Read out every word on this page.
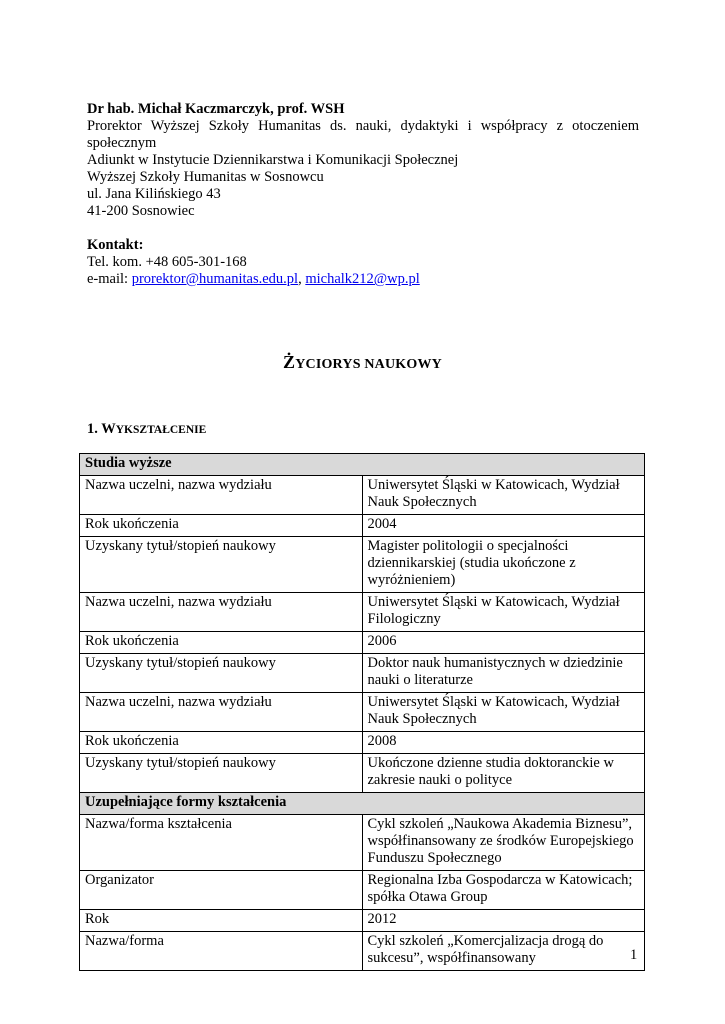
Dr hab. Michał Kaczmarczyk, prof. WSH
Prorektor Wyższej Szkoły Humanitas ds. nauki, dydaktyki i współpracy z otoczeniem
społecznym
Adiunkt w Instytucie Dziennikarstwa i Komunikacji Społecznej
Wyższej Szkoły Humanitas w Sosnowcu
ul. Jana Kilińskiego 43
41-200 Sosnowiec
Kontakt:
Tel. kom. +48 605-301-168
e-mail: prorektor@humanitas.edu.pl, michalk212@wp.pl
ŻYCIORYS NAUKOWY
1. WYKSZTAŁCENIE
Studia wyższe	
Nazwa uczelni, nazwa wydziału	Uniwersytet Śląski w Katowicach, Wydział Nauk Społecznych
Rok ukończenia	2004
Uzyskany tytuł/stopień naukowy	Magister politologii o specjalności dziennikarskiej (studia ukończone z wyróżnieniem)
Nazwa uczelni, nazwa wydziału	Uniwersytet Śląski w Katowicach, Wydział Filologiczny
Rok ukończenia	2006
Uzyskany tytuł/stopień naukowy	Doktor nauk humanistycznych w dziedzinie nauki o literaturze
Nazwa uczelni, nazwa wydziału	Uniwersytet Śląski w Katowicach, Wydział Nauk Społecznych
Rok ukończenia	2008
Uzyskany tytuł/stopień naukowy	Ukończone dzienne studia doktoranckie w zakresie nauki o polityce
Uzupełniające formy kształcenia	
Nazwa/forma kształcenia	Cykl szkoleń „Naukowa Akademia Biznesu”, współfinansowany ze środków Europejskiego Funduszu Społecznego
Organizator	Regionalna Izba Gospodarcza w Katowicach; spółka Otawa Group
Rok	2012
Nazwa/forma	Cykl szkoleń „Komercjalizacja drogą do sukcesu”, współfinansowany	1
